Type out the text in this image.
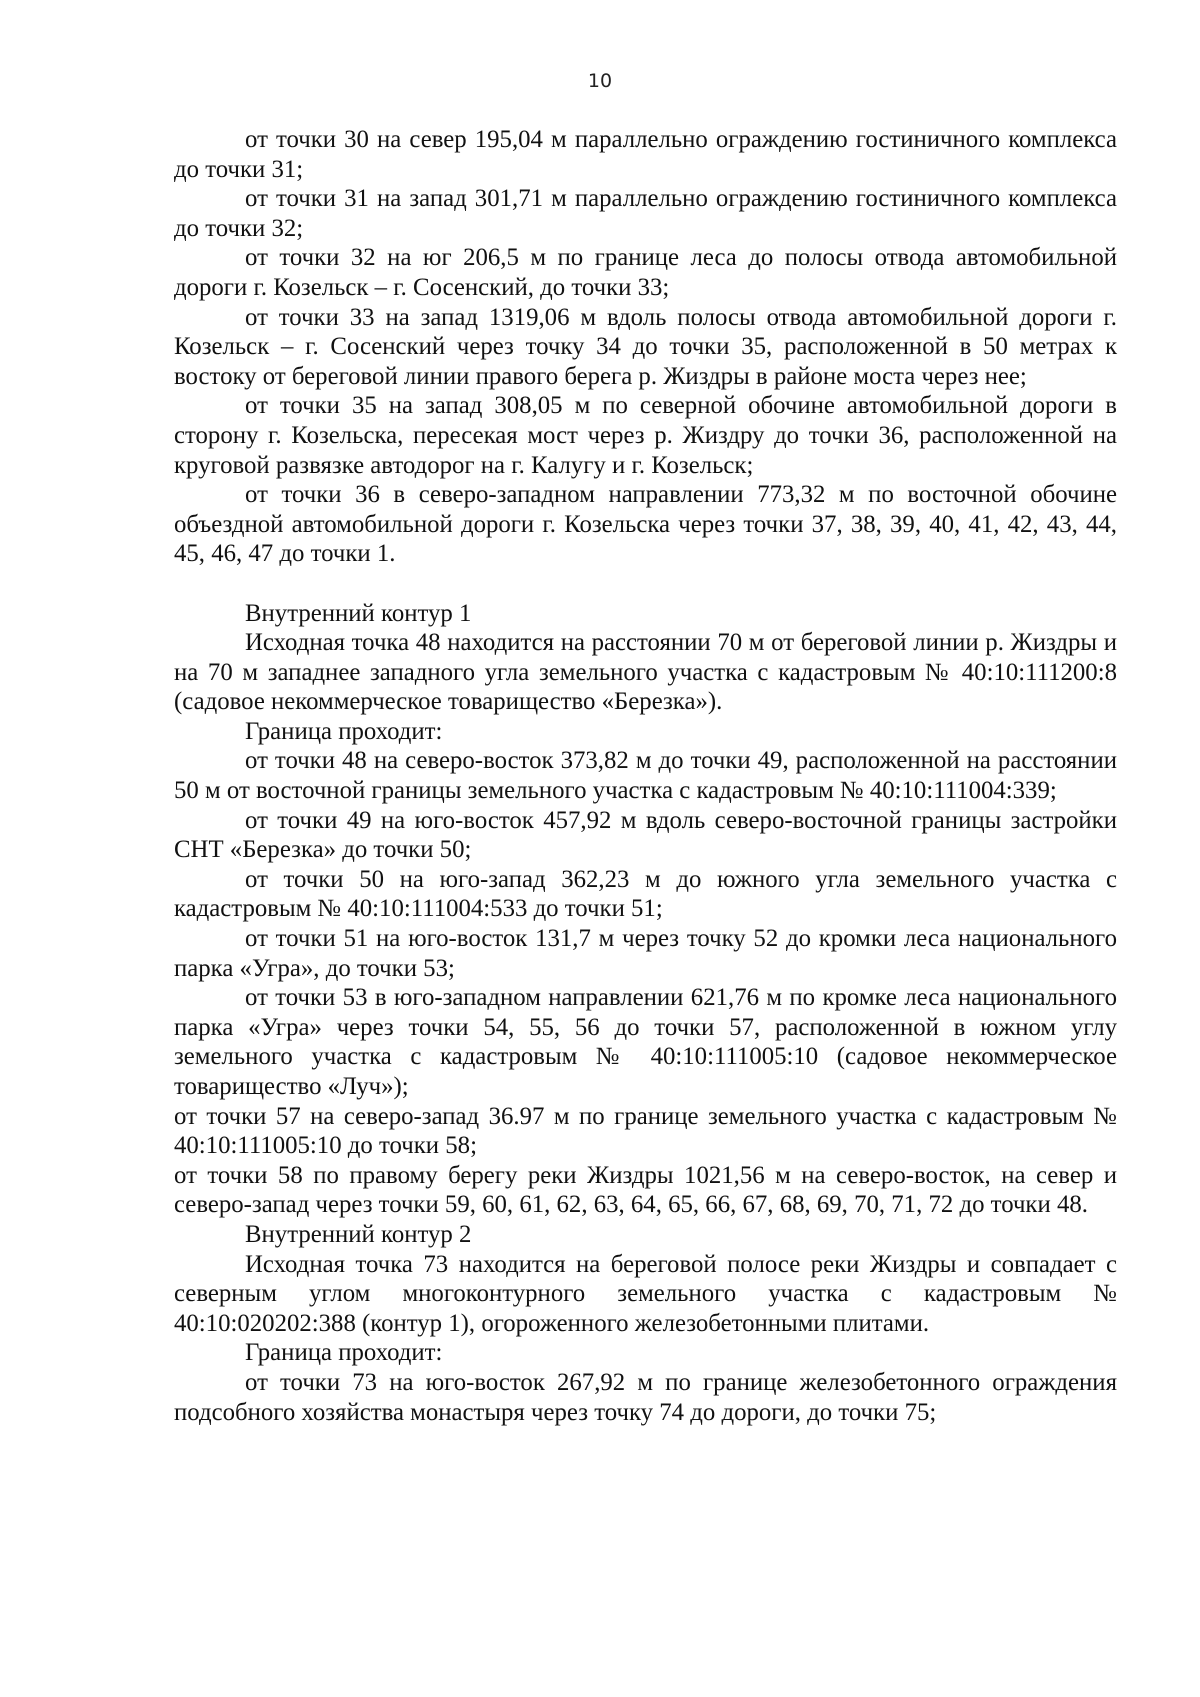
10

от точки 30 на север 195,04 м параллельно ограждению гостиничного комплекса до точки 31;

от точки 31 на запад 301,71 м параллельно ограждению гостиничного комплекса до точки 32;

от точки 32 на юг 206,5 м по границе леса до полосы отвода автомобильной дороги г. Козельск – г. Сосенский, до точки 33;

от точки 33 на запад 1319,06 м вдоль полосы отвода автомобильной дороги г. Козельск – г. Сосенский через точку 34 до точки 35, расположенной в 50 метрах к востоку от береговой линии правого берега р. Жиздры в районе моста через нее;

от точки 35 на запад 308,05 м по северной обочине автомобильной дороги в сторону г. Козельска, пересекая мост через р. Жиздру до точки 36, расположенной на круговой развязке автодорог на г. Калугу и г. Козельск;

от точки 36 в северо-западном направлении 773,32 м по восточной обочине объездной автомобильной дороги г. Козельска через точки 37, 38, 39, 40, 41, 42, 43, 44, 45, 46, 47 до точки 1.

Внутренний контур 1

Исходная точка 48 находится на расстоянии 70 м от береговой линии р. Жиздры и на 70 м западнее западного угла земельного участка с кадастровым № 40:10:111200:8 (садовое некоммерческое товарищество «Березка»).

Граница проходит:

от точки 48 на северо-восток 373,82 м до точки 49, расположенной на расстоянии 50 м от восточной границы земельного участка с кадастровым № 40:10:111004:339;

от точки 49 на юго-восток 457,92 м вдоль северо-восточной границы застройки СНТ «Березка» до точки 50;

от точки 50 на юго-запад 362,23 м до южного угла земельного участка с кадастровым № 40:10:111004:533 до точки 51;

от точки 51 на юго-восток 131,7 м через точку 52 до кромки леса национального парка «Угра», до точки 53;

от точки 53 в юго-западном направлении 621,76 м по кромке леса национального парка «Угра» через точки 54, 55, 56 до точки 57, расположенной в южном углу земельного участка с кадастровым № 40:10:111005:10 (садовое некоммерческое товарищество «Луч»);

от точки 57 на северо-запад 36.97 м по границе земельного участка с кадастровым № 40:10:111005:10 до точки 58;

от точки 58 по правому берегу реки Жиздры 1021,56 м на северо-восток, на север и северо-запад через точки 59, 60, 61, 62, 63, 64, 65, 66, 67, 68, 69, 70, 71, 72 до точки 48.

Внутренний контур 2

Исходная точка 73 находится на береговой полосе реки Жиздры и совпадает с северным углом многоконтурного земельного участка с кадастровым № 40:10:020202:388 (контур 1), огороженного железобетонными плитами.

Граница проходит:

от точки 73 на юго-восток 267,92 м по границе железобетонного ограждения подсобного хозяйства монастыря через точку 74 до дороги, до точки 75;
